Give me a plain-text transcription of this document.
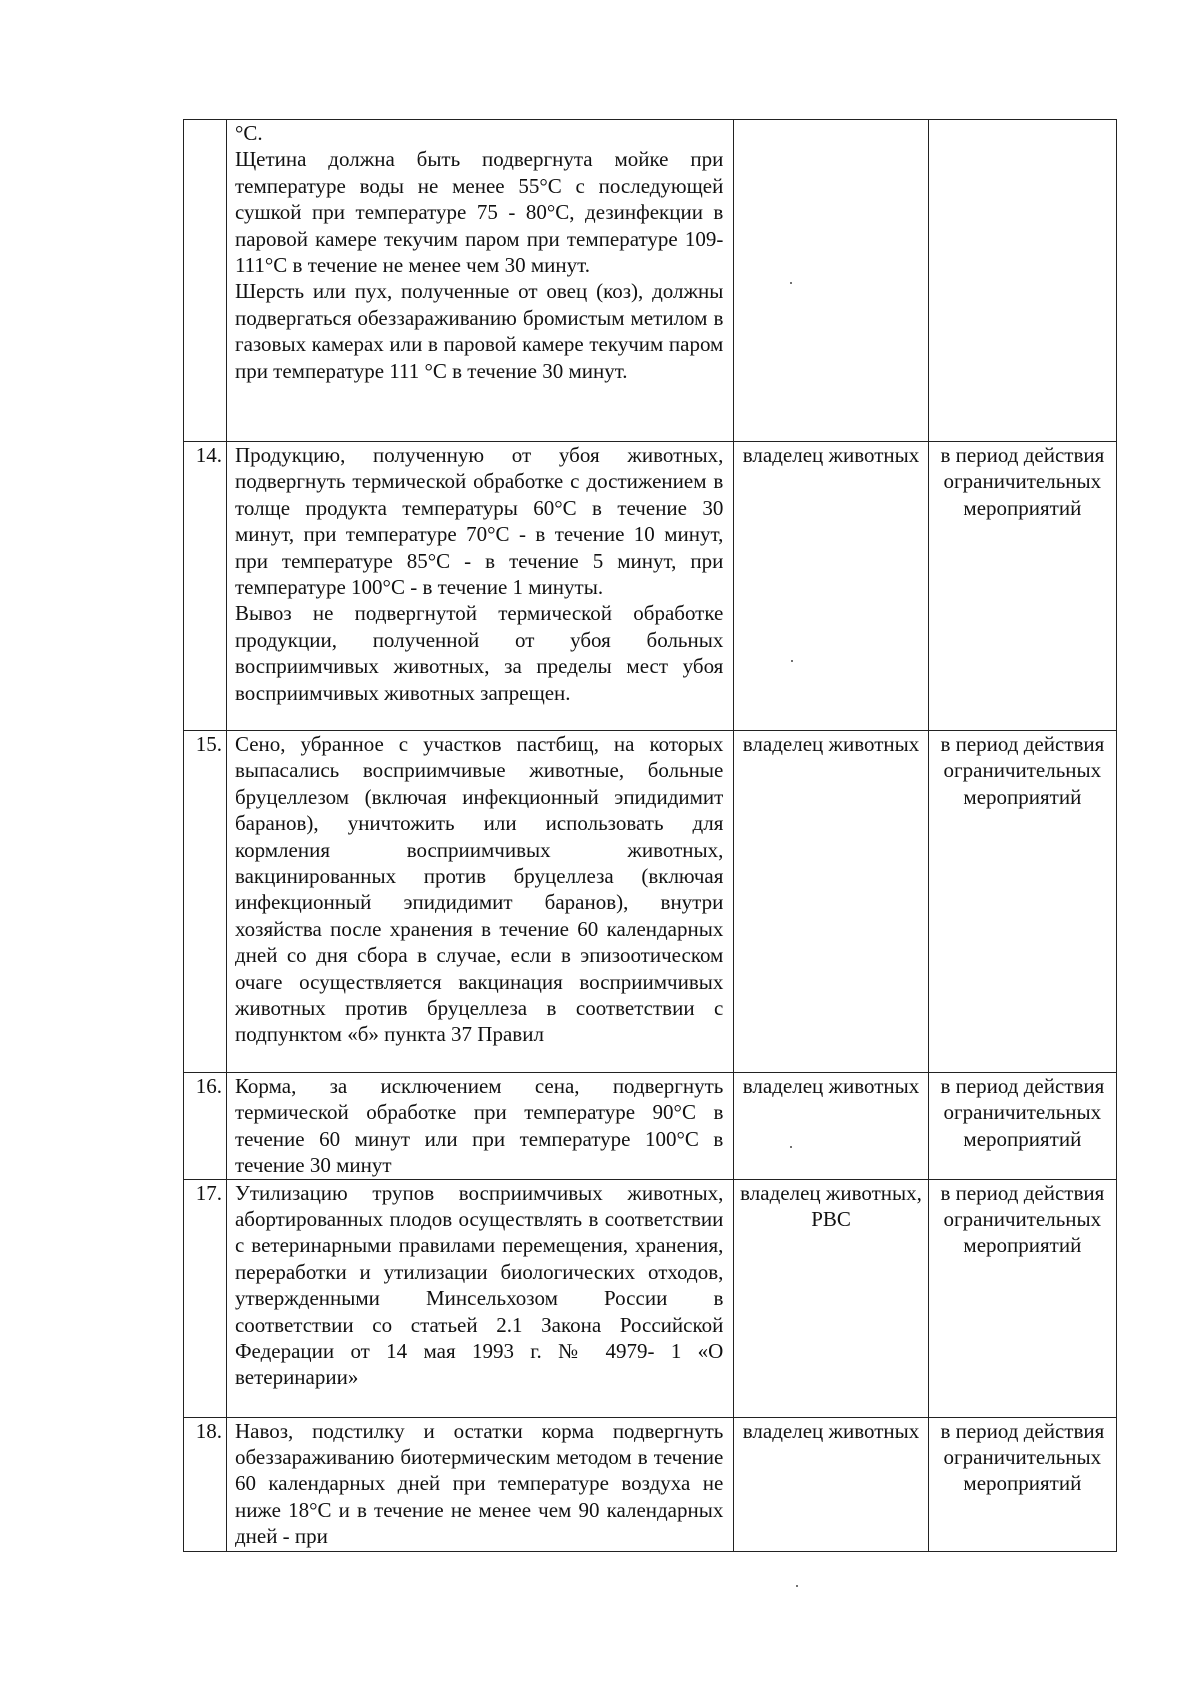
	°С.
Щетина должна быть подвергнута мойке при температуре воды не менее 55°С с последующей сушкой при температуре 75 - 80°С, дезинфекции в паровой камере текучим паром при температуре 109-111°С в течение не менее чем 30 минут.
Шерсть или пух, полученные от овец (коз), должны подвергаться обеззараживанию бромистым метилом в газовых камерах или в паровой камере текучим паром при температуре 111 °С в течение 30 минут.		

14.	Продукцию, полученную от убоя животных, подвергнуть термической обработке с достижением в толще продукта температуры 60°С в течение 30 минут, при температуре 70°С - в течение 10 минут, при температуре 85°С - в течение 5 минут, при температуре 100°С - в течение 1 минуты.
Вывоз не подвергнутой термической обработке продукции, полученной от убоя больных восприимчивых животных, за пределы мест убоя восприимчивых животных запрещен.	владелец животных	в период действия ограничительных мероприятий
15.	Сено, убранное с участков пастбищ, на которых выпасались восприимчивые животные, больные бруцеллезом (включая инфекционный эпидидимит баранов), уничтожить или использовать для кормления восприимчивых животных, вакцинированных против бруцеллеза (включая инфекционный эпидидимит баранов), внутри хозяйства после хранения в течение 60 календарных дней со дня сбора в случае, если в эпизоотическом очаге осуществляется вакцинация восприимчивых животных против бруцеллеза в соответствии с подпунктом «б» пункта 37 Правил	владелец животных	в период действия ограничительных мероприятий
16.	Корма, за исключением сена, подвергнуть термической обработке при температуре 90°С в течение 60 минут или при температуре 100°С в течение 30 минут	владелец животных	в период действия ограничительных мероприятий
17.	Утилизацию трупов восприимчивых животных, абортированных плодов осуществлять в соответствии с ветеринарными правилами перемещения, хранения, переработки и утилизации биологических отходов, утвержденными Минсельхозом России в соответствии со статьей 2.1 Закона Российской Федерации от 14 мая 1993 г. № 4979- 1 «О ветеринарии»	владелец животных, РВС	в период действия ограничительных мероприятий
18.	Навоз, подстилку и остатки корма подвергнуть обеззараживанию биотермическим методом в течение 60 календарных дней при температуре воздуха не ниже 18°С и в течение не менее чем 90 календарных дней - при	владелец животных	в период действия ограничительных мероприятий
